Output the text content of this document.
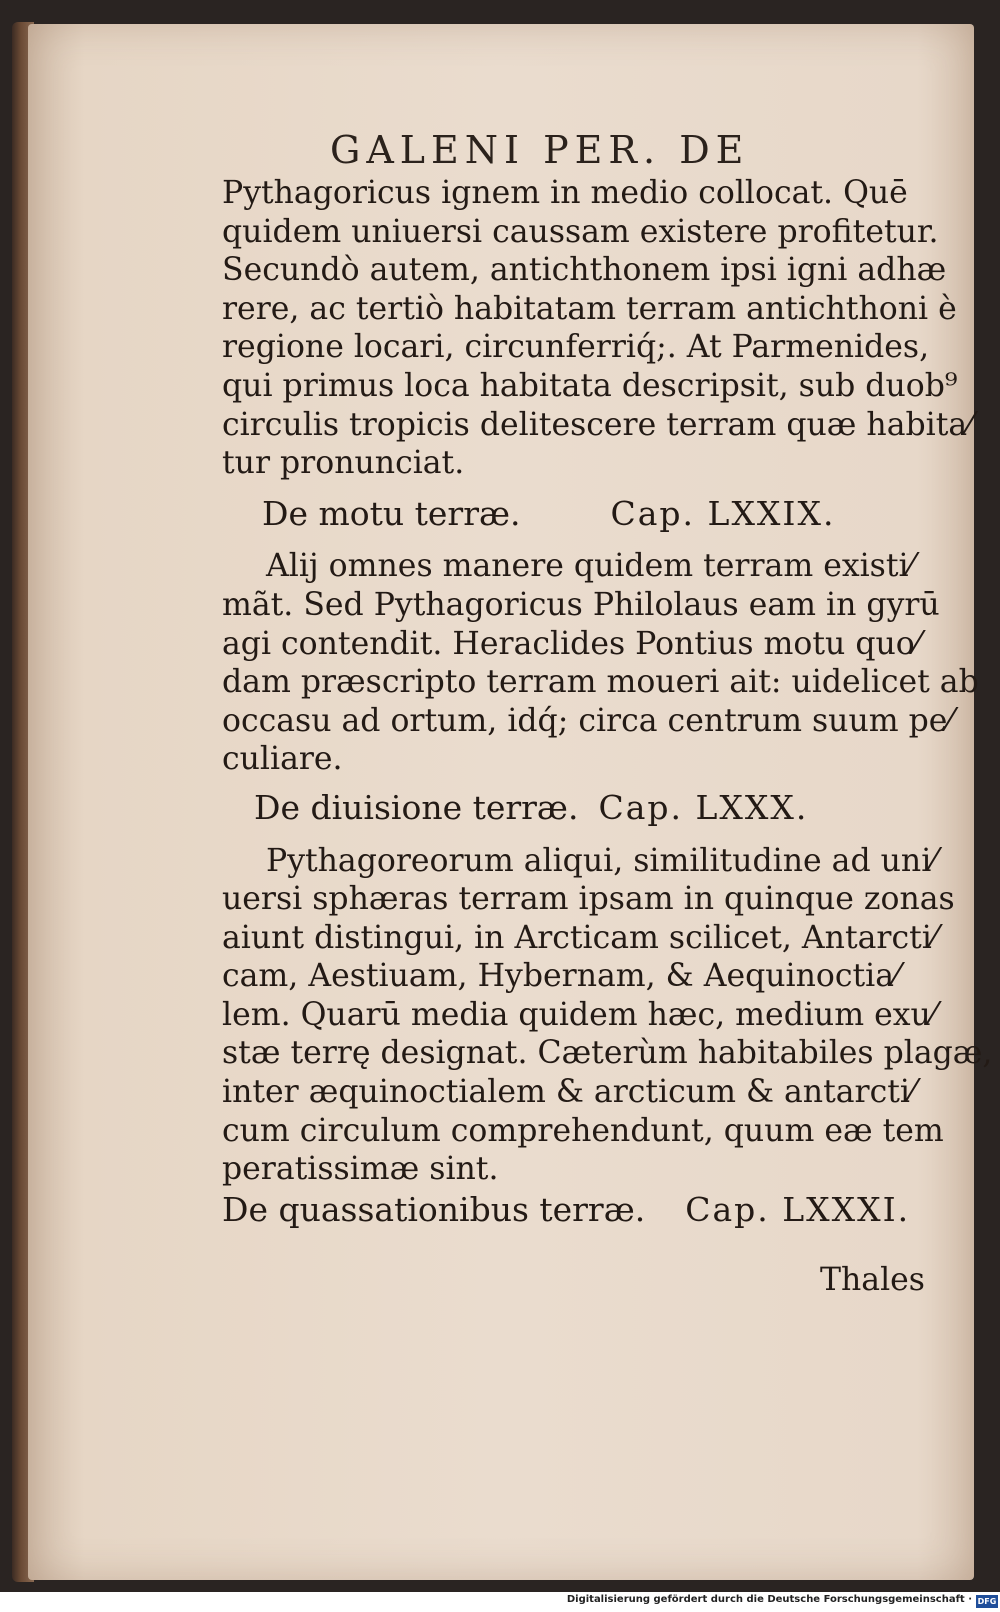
GALENI PER. DE
Pythagoricus ignem in medio collocat. Quē
quidem uniuersi caussam existere profitetur.
Secundò autem, antichthonem ipsi igni adhæ
rere, ac tertiò habitatam terram antichthoni è
regione locari, circunferriq́;. At Parmenides,
qui primus loca habitata descripsit, sub duob⁹
circulis tropicis delitescere terram quæ habita⁄
tur pronunciat.
De motu terræ.	Cap. LXXIX.
Alij omnes manere quidem terram existi⁄
mãt. Sed Pythagoricus Philolaus eam in gyrū
agi contendit. Heraclides Pontius motu quo⁄
dam præscripto terram moueri ait: uidelicet ab
occasu ad ortum, idq́; circa centrum suum pe⁄
culiare.
De diuisione terræ. Cap. LXXX.
Pythagoreorum aliqui, similitudine ad uni⁄
uersi sphæras terram ipsam in quinque zonas
aiunt distingui, in Arcticam scilicet, Antarcti⁄
cam, Aestiuam, Hybernam, & Aequinoctia⁄
lem. Quarū media quidem hæc, medium exu⁄
stæ terrę designat. Cæterùm habitabiles plagæ,
inter æquinoctialem & arcticum & antarcti⁄
cum circulum comprehendunt, quum eæ tem
peratissimæ sint.
De quassationibus terræ. Cap. LXXXI.
Thales
Digitalisierung gefördert durch die Deutsche Forschungsgemeinschaft · DFG
